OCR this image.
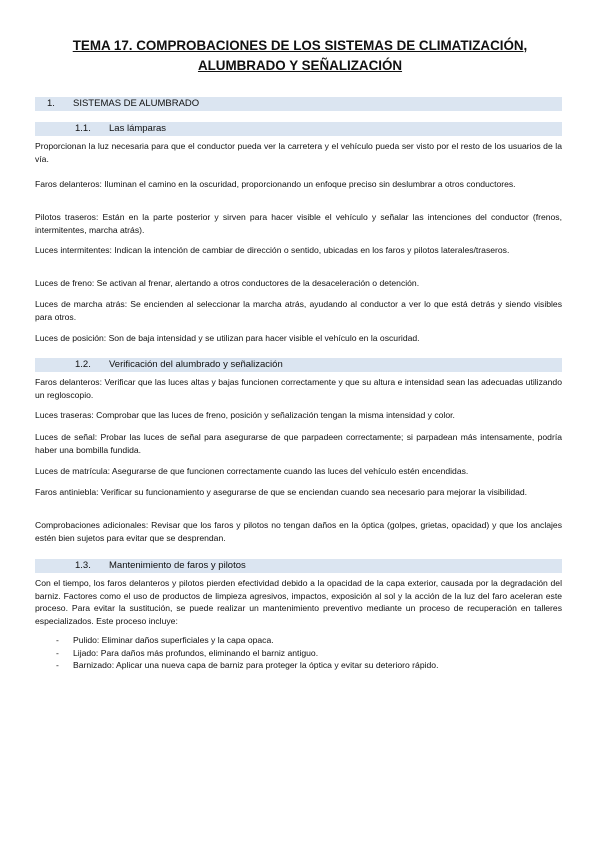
TEMA 17. COMPROBACIONES DE LOS SISTEMAS DE CLIMATIZACIÓN, ALUMBRADO Y SEÑALIZACIÓN
1. SISTEMAS DE ALUMBRADO
1.1. Las lámparas

Proporcionan la luz necesaria para que el conductor pueda ver la carretera y el vehículo pueda ser visto por el resto de los usuarios de la vía.

Faros delanteros: Iluminan el camino en la oscuridad, proporcionando un enfoque preciso sin deslumbrar a otros conductores.

Pilotos traseros: Están en la parte posterior y sirven para hacer visible el vehículo y señalar las intenciones del conductor (frenos, intermitentes, marcha atrás).

Luces intermitentes: Indican la intención de cambiar de dirección o sentido, ubicadas en los faros y pilotos laterales/traseros.

Luces de freno: Se activan al frenar, alertando a otros conductores de la desaceleración o detención.

Luces de marcha atrás: Se encienden al seleccionar la marcha atrás, ayudando al conductor a ver lo que está detrás y siendo visibles para otros.

Luces de posición: Son de baja intensidad y se utilizan para hacer visible el vehículo en la oscuridad.

1.2. Verificación del alumbrado y señalización

Faros delanteros: Verificar que las luces altas y bajas funcionen correctamente y que su altura e intensidad sean las adecuadas utilizando un regloscopio.

Luces traseras: Comprobar que las luces de freno, posición y señalización tengan la misma intensidad y color.

Luces de señal: Probar las luces de señal para asegurarse de que parpadeen correctamente; si parpadean más intensamente, podría haber una bombilla fundida.

Luces de matrícula: Asegurarse de que funcionen correctamente cuando las luces del vehículo estén encendidas.

Faros antiniebla: Verificar su funcionamiento y asegurarse de que se enciendan cuando sea necesario para mejorar la visibilidad.

Comprobaciones adicionales: Revisar que los faros y pilotos no tengan daños en la óptica (golpes, grietas, opacidad) y que los anclajes estén bien sujetos para evitar que se desprendan.

1.3. Mantenimiento de faros y pilotos

Con el tiempo, los faros delanteros y pilotos pierden efectividad debido a la opacidad de la capa exterior, causada por la degradación del barniz. Factores como el uso de productos de limpieza agresivos, impactos, exposición al sol y la acción de la luz del faro aceleran este proceso. Para evitar la sustitución, se puede realizar un mantenimiento preventivo mediante un proceso de recuperación en talleres especializados. Este proceso incluye:

- Pulido: Eliminar daños superficiales y la capa opaca.
- Lijado: Para daños más profundos, eliminando el barniz antiguo.
- Barnizado: Aplicar una nueva capa de barniz para proteger la óptica y evitar su deterioro rápido.
